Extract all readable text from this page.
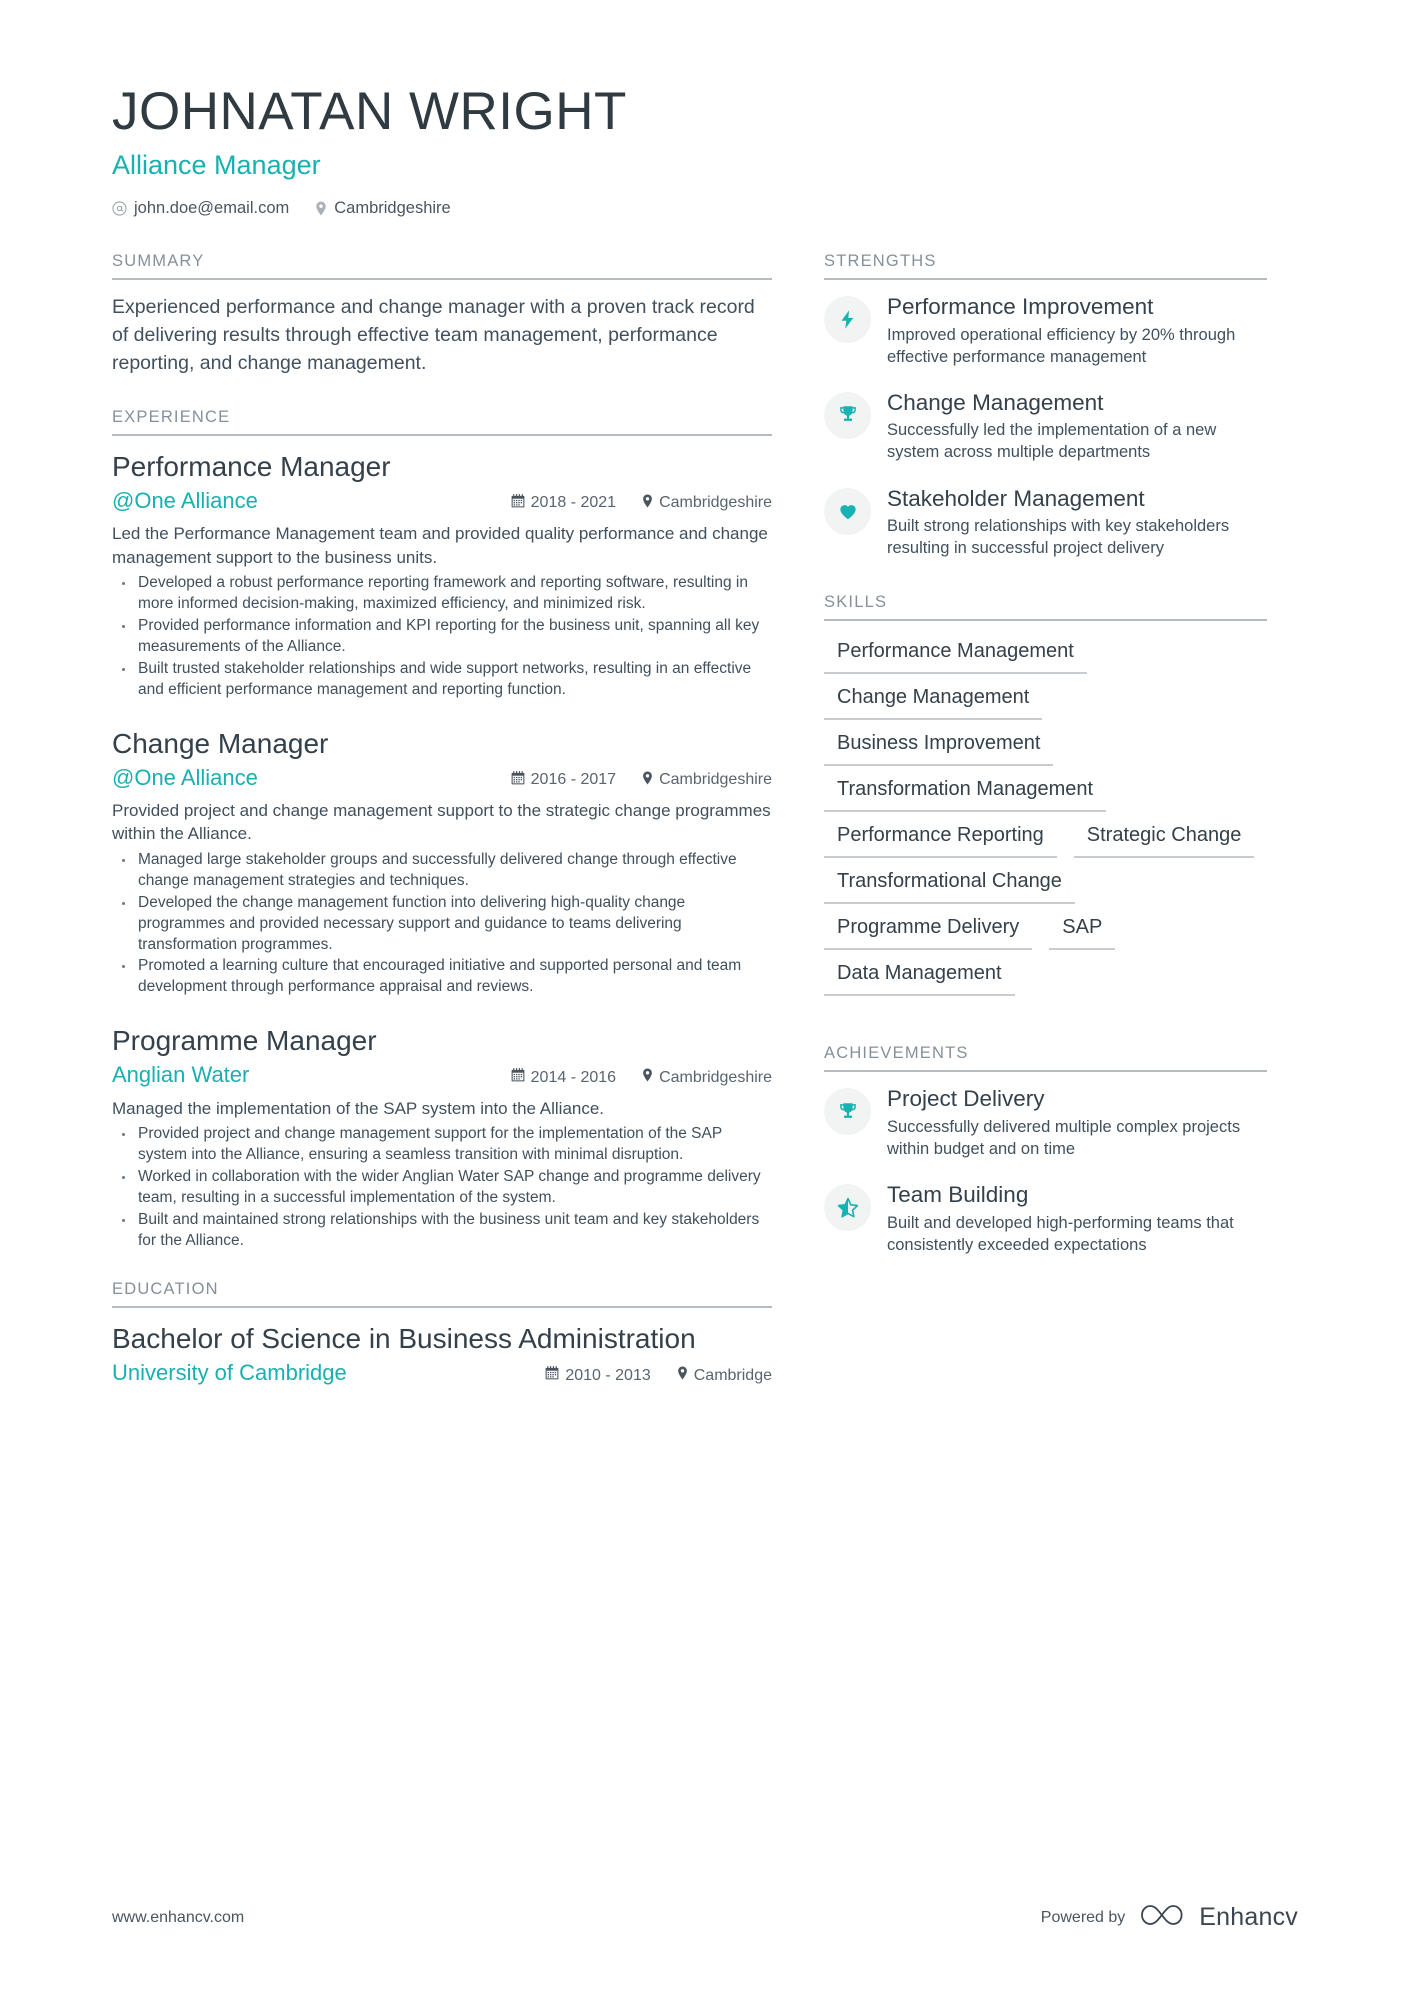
JOHNATAN WRIGHT
Alliance Manager
john.doe@email.com	Cambridgeshire
SUMMARY

Experienced performance and change manager with a proven track record of delivering results through effective team management, performance reporting, and change management.

EXPERIENCE
Performance Manager
@One Alliance	2018 - 2021	Cambridgeshire

Led the Performance Management team and provided quality performance and change management support to the business units.

Developed a robust performance reporting framework and reporting software, resulting in more informed decision-making, maximized efficiency, and minimized risk.
Provided performance information and KPI reporting for the business unit, spanning all key measurements of the Alliance.
Built trusted stakeholder relationships and wide support networks, resulting in an effective and efficient performance management and reporting function.
Change Manager
@One Alliance	2016 - 2017	Cambridgeshire

Provided project and change management support to the strategic change programmes within the Alliance.

Managed large stakeholder groups and successfully delivered change through effective change management strategies and techniques.
Developed the change management function into delivering high-quality change programmes and provided necessary support and guidance to teams delivering transformation programmes.
Promoted a learning culture that encouraged initiative and supported personal and team development through performance appraisal and reviews.
Programme Manager
Anglian Water	2014 - 2016	Cambridgeshire

Managed the implementation of the SAP system into the Alliance.

Provided project and change management support for the implementation of the SAP system into the Alliance, ensuring a seamless transition with minimal disruption.
Worked in collaboration with the wider Anglian Water SAP change and programme delivery team, resulting in a successful implementation of the system.
Built and maintained strong relationships with the business unit team and key stakeholders for the Alliance.
EDUCATION
Bachelor of Science in Business Administration
University of Cambridge	2010 - 2013	Cambridge
STRENGTHS
Performance Improvement

Improved operational efficiency by 20% through effective performance management

Change Management

Successfully led the implementation of a new system across multiple departments

Stakeholder Management

Built strong relationships with key stakeholders resulting in successful project delivery

SKILLS
Performance Management
Change Management
Business Improvement
Transformation Management
Performance Reporting	Strategic Change
Transformational Change
Programme Delivery	SAP
Data Management
ACHIEVEMENTS
Project Delivery

Successfully delivered multiple complex projects within budget and on time

Team Building

Built and developed high-performing teams that consistently exceeded expectations

www.enhancv.com	Powered by	Enhancv
